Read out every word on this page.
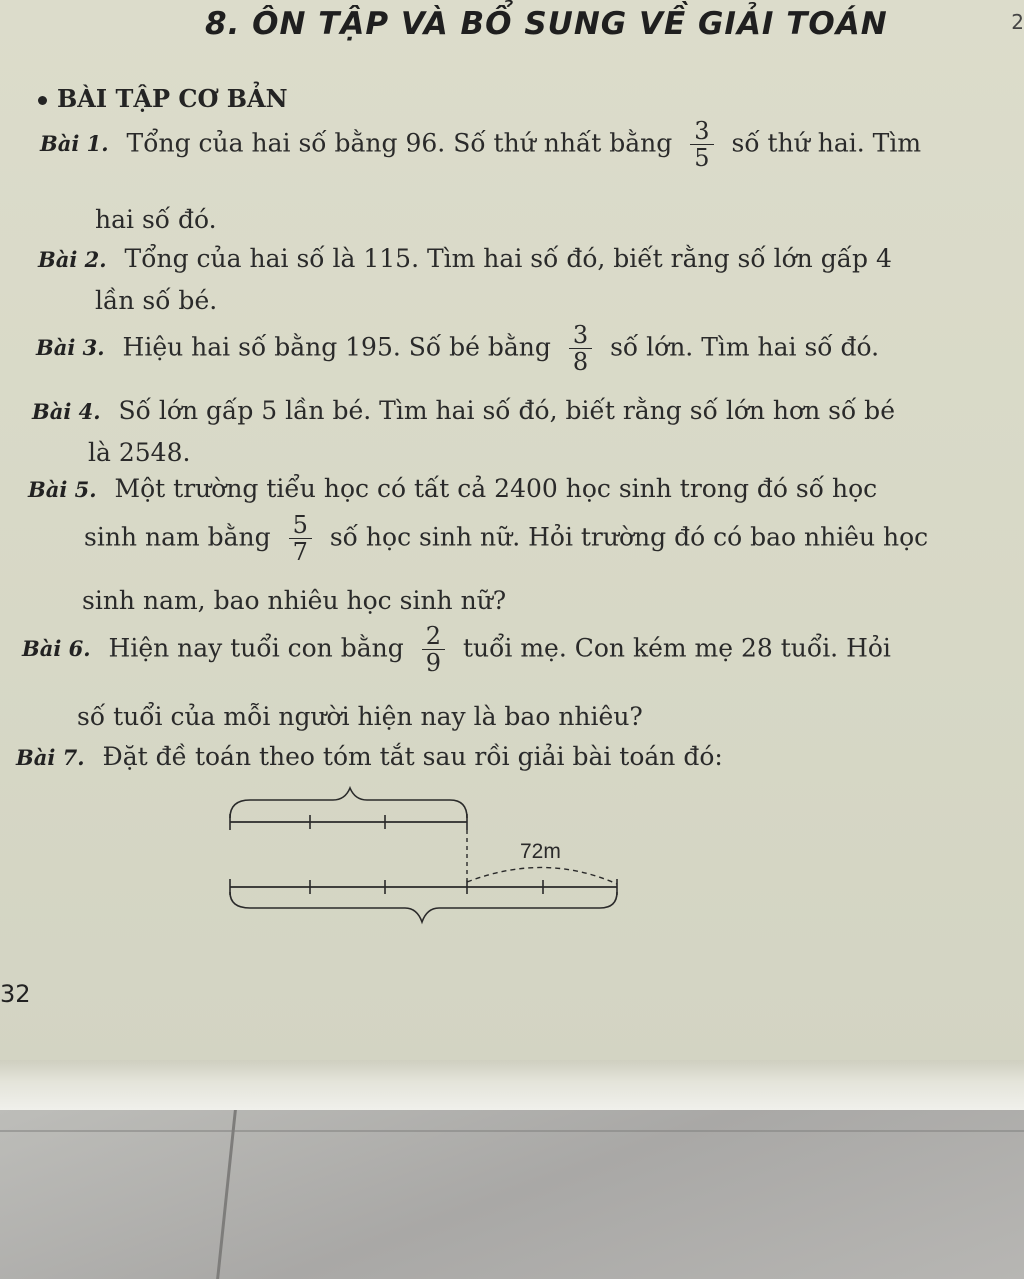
8. ÔN TẬP VÀ BỔ SUNG VỀ GIẢI TOÁN	2
BÀI TẬP CƠ BẢN
Bài 1. Tổng của hai số bằng 96. Số thứ nhất bằng $\frac{3}{5}$ số thứ hai. Tìm
hai số đó.
Bài 2. Tổng của hai số là 115. Tìm hai số đó, biết rằng số lớn gấp 4
lần số bé.
Bài 3. Hiệu hai số bằng 195. Số bé bằng $\frac{3}{8}$ số lớn. Tìm hai số đó.
Bài 4. Số lớn gấp 5 lần bé. Tìm hai số đó, biết rằng số lớn hơn số bé
là 2548.
Bài 5. Một trường tiểu học có tất cả 2400 học sinh trong đó số học
sinh nam bằng $\frac{5}{7}$ số học sinh nữ. Hỏi trường đó có bao nhiêu học
sinh nam, bao nhiêu học sinh nữ?
Bài 6. Hiện nay tuổi con bằng $\frac{2}{9}$ tuổi mẹ. Con kém mẹ 28 tuổi. Hỏi
số tuổi của mỗi người hiện nay là bao nhiêu?
Bài 7. Đặt đề toán theo tóm tắt sau rồi giải bài toán đó:
72m
32
